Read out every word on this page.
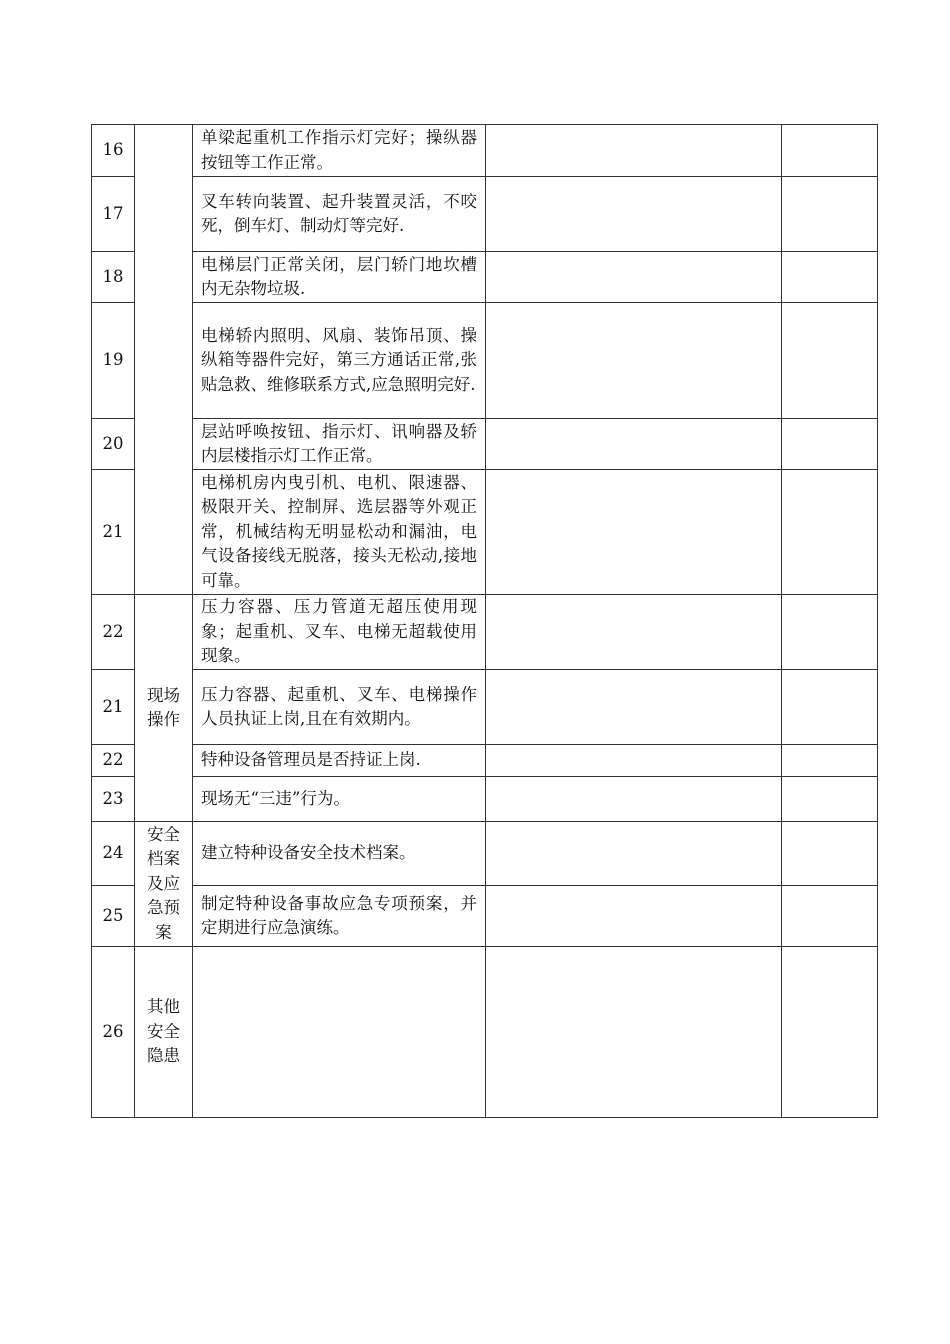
16		单梁起重机工作指示灯完好；操纵器按钮等工作正常。		
17		叉车转向装置、起升装置灵活，不咬死，倒车灯、制动灯等完好.		
18		电梯层门正常关闭，层门轿门地坎槽内无杂物垃圾.		
19		电梯轿内照明、风扇、装饰吊顶、操纵箱等器件完好，第三方通话正常,张贴急救、维修联系方式,应急照明完好.		
20		层站呼唤按钮、指示灯、讯响器及轿内层楼指示灯工作正常。		
21		电梯机房内曳引机、电机、限速器、极限开关、控制屏、选层器等外观正常，机械结构无明显松动和漏油，电气设备接线无脱落，接头无松动,接地可靠。		
22	现场操作	压力容器、压力管道无超压使用现象；起重机、叉车、电梯无超载使用现象。		
21		压力容器、起重机、叉车、电梯操作人员执证上岗,且在有效期内。		
22		特种设备管理员是否持证上岗.		
23		现场无“三违”行为。		
24	安全档案及应急预案	建立特种设备安全技术档案。		
25		制定特种设备事故应急专项预案，并定期进行应急演练。		
26	其他安全隐患			
